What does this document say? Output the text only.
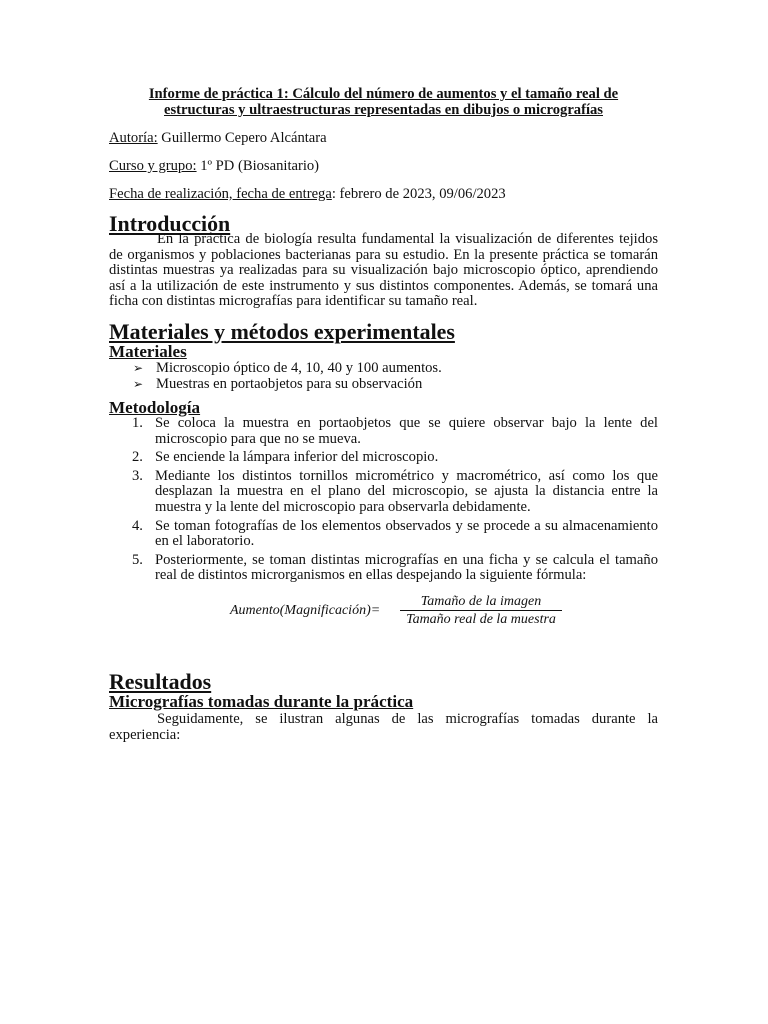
Informe de práctica 1: Cálculo del número de aumentos y el tamaño real de
estructuras y ultraestructuras representadas en dibujos o micrografías

Autoría: Guillermo Cepero Alcántara

Curso y grupo: 1º PD (Biosanitario)

Fecha de realización, fecha de entrega: febrero de 2023, 09/06/2023

Introducción

En la práctica de biología resulta fundamental la visualización de diferentes tejidos de organismos y poblaciones bacterianas para su estudio. En la presente práctica se tomarán distintas muestras ya realizadas para su visualización bajo microscopio óptico, aprendiendo así a la utilización de este instrumento y sus distintos componentes. Además, se tomará una ficha con distintas micrografías para identificar su tamaño real.

Materiales y métodos experimentales
Materiales
➢ Microscopio óptico de 4, 10, 40 y 100 aumentos.
➢ Muestras en portaobjetos para su observación
Metodología
1. Se coloca la muestra en portaobjetos que se quiere observar bajo la lente del microscopio para que no se mueva.
2. Se enciende la lámpara inferior del microscopio.
3. Mediante los distintos tornillos micrométrico y macrométrico, así como los que desplazan la muestra en el plano del microscopio, se ajusta la distancia entre la muestra y la lente del microscopio para observarla debidamente.
4. Se toman fotografías de los elementos observados y se procede a su almacenamiento en el laboratorio.
5. Posteriormente, se toman distintas micrografías en una ficha y se calcula el tamaño real de distintos microrganismos en ellas despejando la siguiente fórmula:
Aumento(Magnificación)=
Tamaño de la imagen
Tamaño real de la muestra
Resultados
Micrografías tomadas durante la práctica

Seguidamente, se ilustran algunas de las micrografías tomadas durante la experiencia:
